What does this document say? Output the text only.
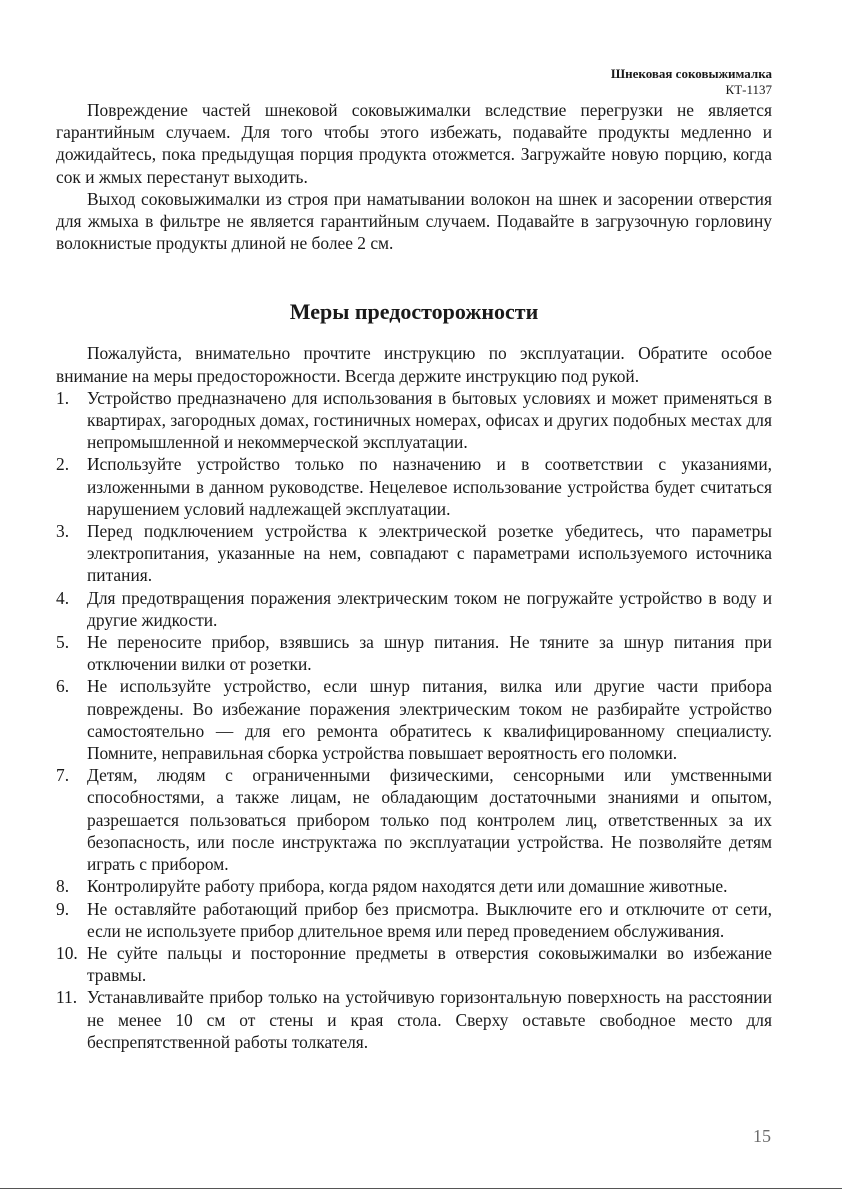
Шнековая соковыжималка
КТ-1137

Повреждение частей шнековой соковыжималки вследствие перегрузки не является гарантийным случаем. Для того чтобы этого избежать, подавайте продукты медленно и дожидайтесь, пока предыдущая порция продукта отожмется. Загружайте новую порцию, когда сок и жмых перестанут выходить.

Выход соковыжималки из строя при наматывании волокон на шнек и засорении отверстия для жмыха в фильтре не является гарантийным случаем. Подавайте в загрузочную горловину волокнистые продукты длиной не более 2 см.

Меры предосторожности

Пожалуйста, внимательно прочтите инструкцию по эксплуатации. Обратите особое внимание на меры предосторожности. Всегда держите инструкцию под рукой.

1. Устройство предназначено для использования в бытовых условиях и может применяться в квартирах, загородных домах, гостиничных номерах, офисах и других подобных местах для непромышленной и некоммерческой эксплуатации.
2. Используйте устройство только по назначению и в соответствии с указаниями, изложенными в данном руководстве. Нецелевое использование устройства будет считаться нарушением условий надлежащей эксплуатации.
3. Перед подключением устройства к электрической розетке убедитесь, что параметры электропитания, указанные на нем, совпадают с параметрами используемого источника питания.
4. Для предотвращения поражения электрическим током не погружайте устройство в воду и другие жидкости.
5. Не переносите прибор, взявшись за шнур питания. Не тяните за шнур питания при отключении вилки от розетки.
6. Не используйте устройство, если шнур питания, вилка или другие части прибора повреждены. Во избежание поражения электрическим током не разбирайте устройство самостоятельно — для его ремонта обратитесь к квалифицированному специалисту. Помните, неправильная сборка устройства повышает вероятность его поломки.
7. Детям, людям с ограниченными физическими, сенсорными или умственными способностями, а также лицам, не обладающим достаточными знаниями и опытом, разрешается пользоваться прибором только под контролем лиц, ответственных за их безопасность, или после инструктажа по эксплуатации устройства. Не позволяйте детям играть с прибором.
8. Контролируйте работу прибора, когда рядом находятся дети или домашние животные.
9. Не оставляйте работающий прибор без присмотра. Выключите его и отключите от сети, если не используете прибор длительное время или перед проведением обслуживания.
10. Не суйте пальцы и посторонние предметы в отверстия соковыжималки во избежание травмы.
11. Устанавливайте прибор только на устойчивую горизонтальную поверхность на расстоянии не менее 10 см от стены и края стола. Сверху оставьте свободное место для беспрепятственной работы толкателя.
15
